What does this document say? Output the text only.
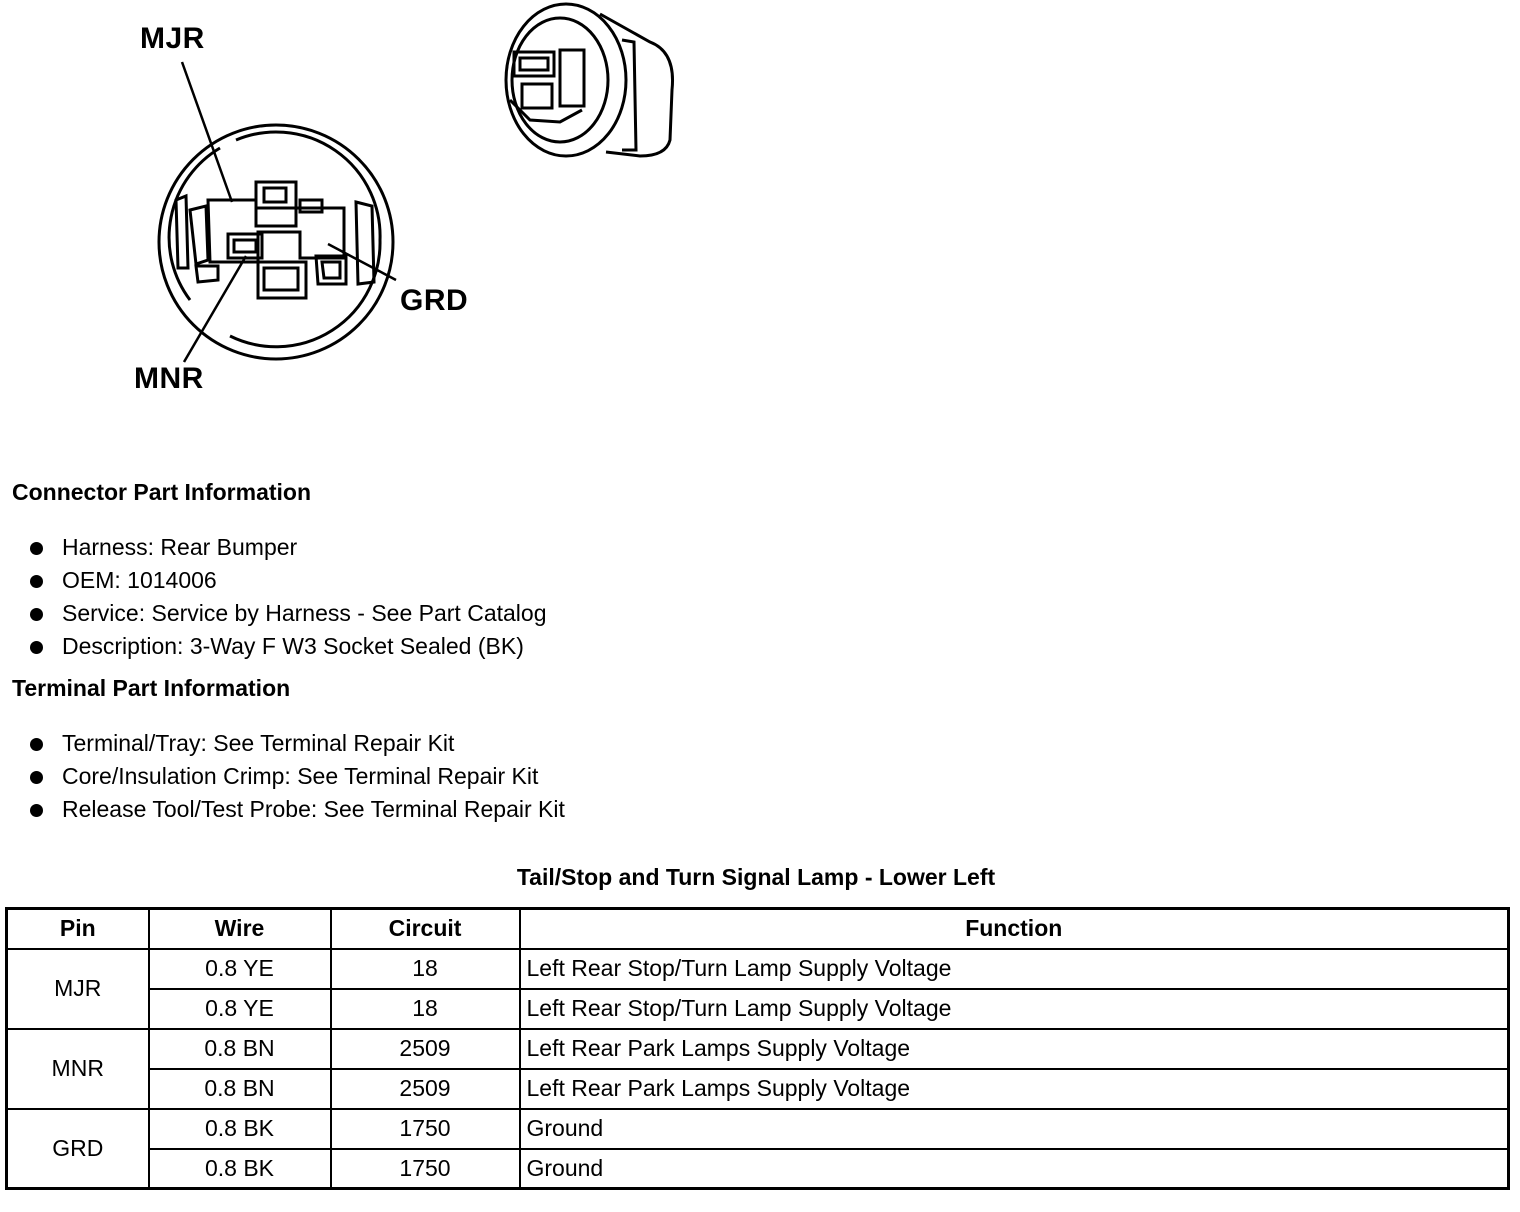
MJR
GRD
MNR
Connector Part Information
Harness: Rear Bumper
OEM: 1014006
Service: Service by Harness - See Part Catalog
Description: 3-Way F W3 Socket Sealed (BK)
Terminal Part Information
Terminal/Tray: See Terminal Repair Kit
Core/Insulation Crimp: See Terminal Repair Kit
Release Tool/Test Probe: See Terminal Repair Kit
Tail/Stop and Turn Signal Lamp - Lower Left
Pin	Wire	Circuit	Function
MJR	0.8 YE	18	Left Rear Stop/Turn Lamp Supply Voltage
	0.8 YE	18	Left Rear Stop/Turn Lamp Supply Voltage
MNR	0.8 BN	2509	Left Rear Park Lamps Supply Voltage
	0.8 BN	2509	Left Rear Park Lamps Supply Voltage
GRD	0.8 BK	1750	Ground
	0.8 BK	1750	Ground
